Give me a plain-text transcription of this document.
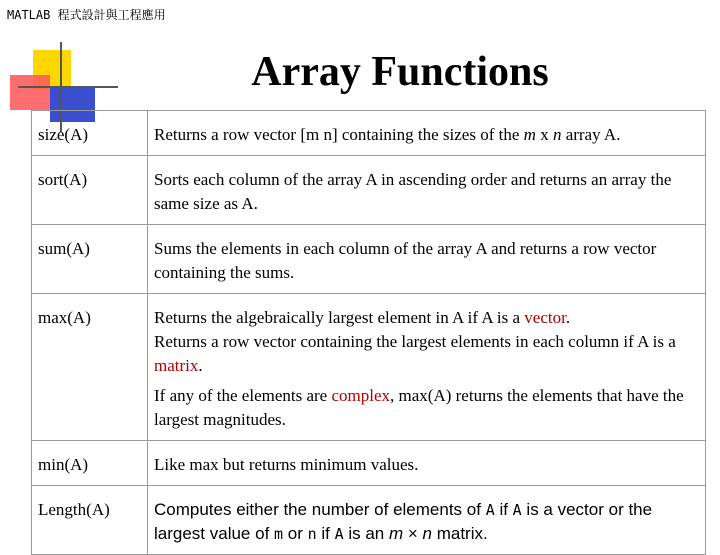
MATLAB 程式設計與工程應用
Array Functions
size(A)	Returns a row vector [m n] containing the sizes of the m x n array A.
sort(A)	Sorts each column of the array A in ascending order and returns an array the same size as A.
sum(A)	Sums the elements in each column of the array A and returns a row vector containing the sums.
max(A)	Returns the algebraically largest element in A if A is a vector.
Returns a row vector containing the largest elements in each column if A is a matrix.
If any of the elements are complex, max(A) returns the elements that have the largest magnitudes.

min(A)	Like max but returns minimum values.
Length(A)	Computes either the number of elements of A if A is a vector or the largest value of m or n if A is an m × n matrix.
